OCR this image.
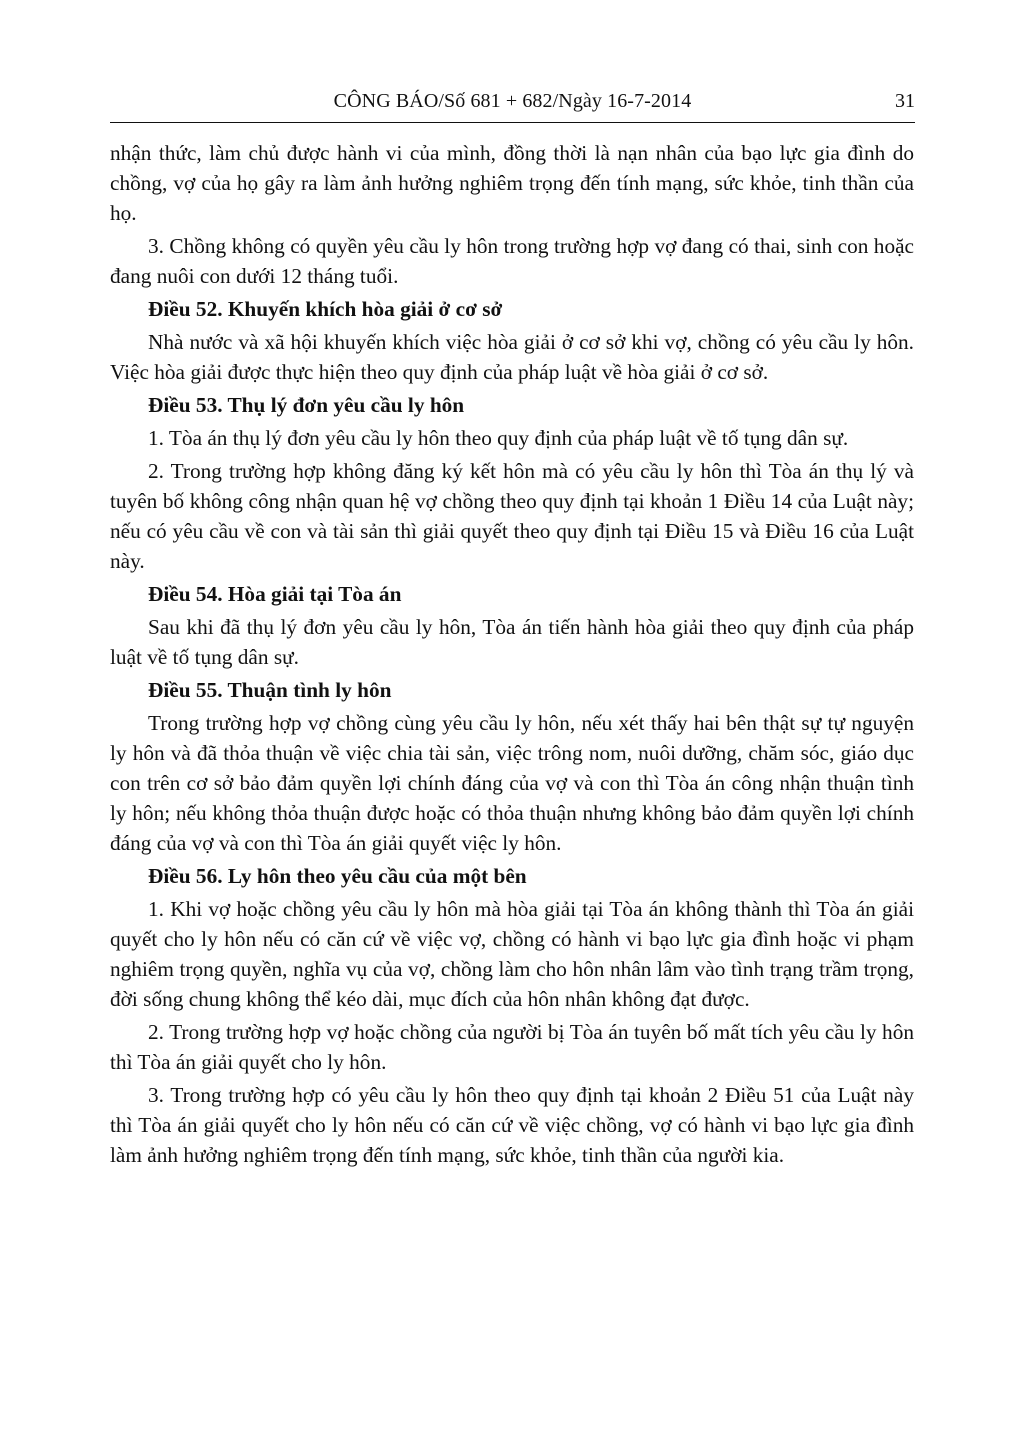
CÔNG BÁO/Số 681 + 682/Ngày 16-7-2014	31

nhận thức, làm chủ được hành vi của mình, đồng thời là nạn nhân của bạo lực gia đình do chồng, vợ của họ gây ra làm ảnh hưởng nghiêm trọng đến tính mạng, sức khỏe, tinh thần của họ.

3. Chồng không có quyền yêu cầu ly hôn trong trường hợp vợ đang có thai, sinh con hoặc đang nuôi con dưới 12 tháng tuổi.

Điều 52. Khuyến khích hòa giải ở cơ sở

Nhà nước và xã hội khuyến khích việc hòa giải ở cơ sở khi vợ, chồng có yêu cầu ly hôn. Việc hòa giải được thực hiện theo quy định của pháp luật về hòa giải ở cơ sở.

Điều 53. Thụ lý đơn yêu cầu ly hôn

1. Tòa án thụ lý đơn yêu cầu ly hôn theo quy định của pháp luật về tố tụng dân sự.

2. Trong trường hợp không đăng ký kết hôn mà có yêu cầu ly hôn thì Tòa án thụ lý và tuyên bố không công nhận quan hệ vợ chồng theo quy định tại khoản 1 Điều 14 của Luật này; nếu có yêu cầu về con và tài sản thì giải quyết theo quy định tại Điều 15 và Điều 16 của Luật này.

Điều 54. Hòa giải tại Tòa án

Sau khi đã thụ lý đơn yêu cầu ly hôn, Tòa án tiến hành hòa giải theo quy định của pháp luật về tố tụng dân sự.

Điều 55. Thuận tình ly hôn

Trong trường hợp vợ chồng cùng yêu cầu ly hôn, nếu xét thấy hai bên thật sự tự nguyện ly hôn và đã thỏa thuận về việc chia tài sản, việc trông nom, nuôi dưỡng, chăm sóc, giáo dục con trên cơ sở bảo đảm quyền lợi chính đáng của vợ và con thì Tòa án công nhận thuận tình ly hôn; nếu không thỏa thuận được hoặc có thỏa thuận nhưng không bảo đảm quyền lợi chính đáng của vợ và con thì Tòa án giải quyết việc ly hôn.

Điều 56. Ly hôn theo yêu cầu của một bên

1. Khi vợ hoặc chồng yêu cầu ly hôn mà hòa giải tại Tòa án không thành thì Tòa án giải quyết cho ly hôn nếu có căn cứ về việc vợ, chồng có hành vi bạo lực gia đình hoặc vi phạm nghiêm trọng quyền, nghĩa vụ của vợ, chồng làm cho hôn nhân lâm vào tình trạng trầm trọng, đời sống chung không thể kéo dài, mục đích của hôn nhân không đạt được.

2. Trong trường hợp vợ hoặc chồng của người bị Tòa án tuyên bố mất tích yêu cầu ly hôn thì Tòa án giải quyết cho ly hôn.

3. Trong trường hợp có yêu cầu ly hôn theo quy định tại khoản 2 Điều 51 của Luật này thì Tòa án giải quyết cho ly hôn nếu có căn cứ về việc chồng, vợ có hành vi bạo lực gia đình làm ảnh hưởng nghiêm trọng đến tính mạng, sức khỏe, tinh thần của người kia.
